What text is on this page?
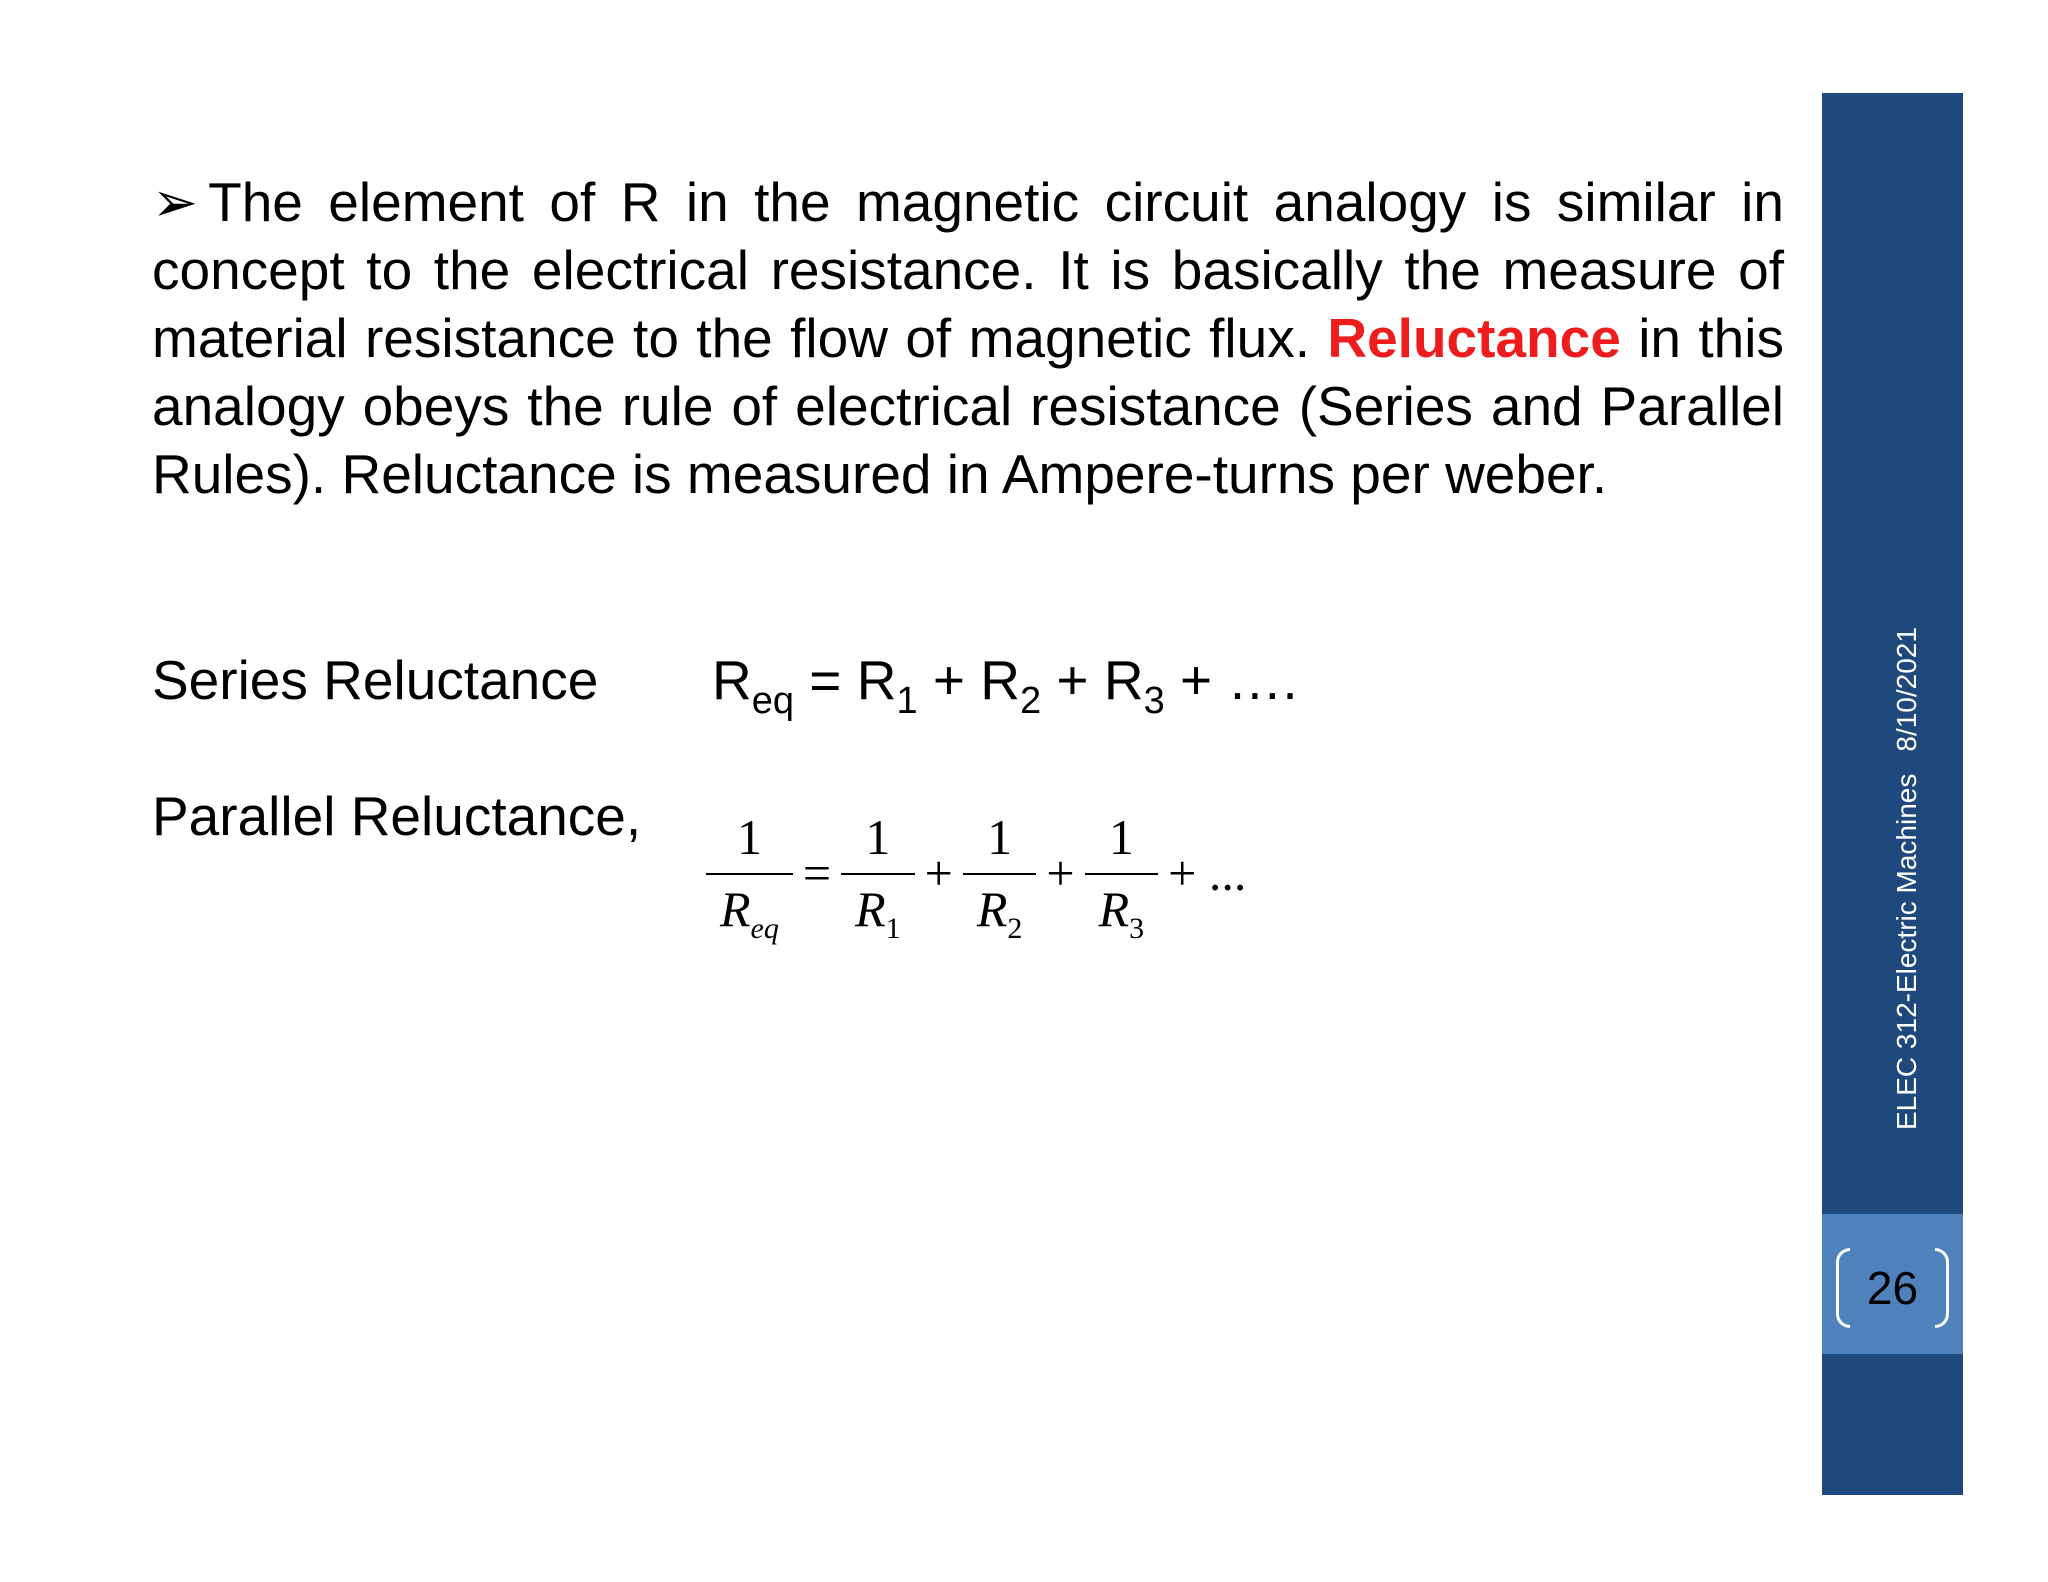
➢ The element of R in the magnetic circuit analogy is similar in concept to the electrical resistance. It is basically the measure of material resistance to the flow of magnetic flux. Reluctance in this analogy obeys the rule of electrical resistance (Series and Parallel Rules). Reluctance is measured in Ampere-turns per weber.
Series Reluctance $R_{eq} = R_1 + R_2 + R_3$ + ….
Parallel Reluctance, $\frac{1}{R_{eq}} = \frac{1}{R_1} + \frac{1}{R_2} + \frac{1}{R_3}$ + ...
26
ELEC 312-Electric Machines8/10/2021
